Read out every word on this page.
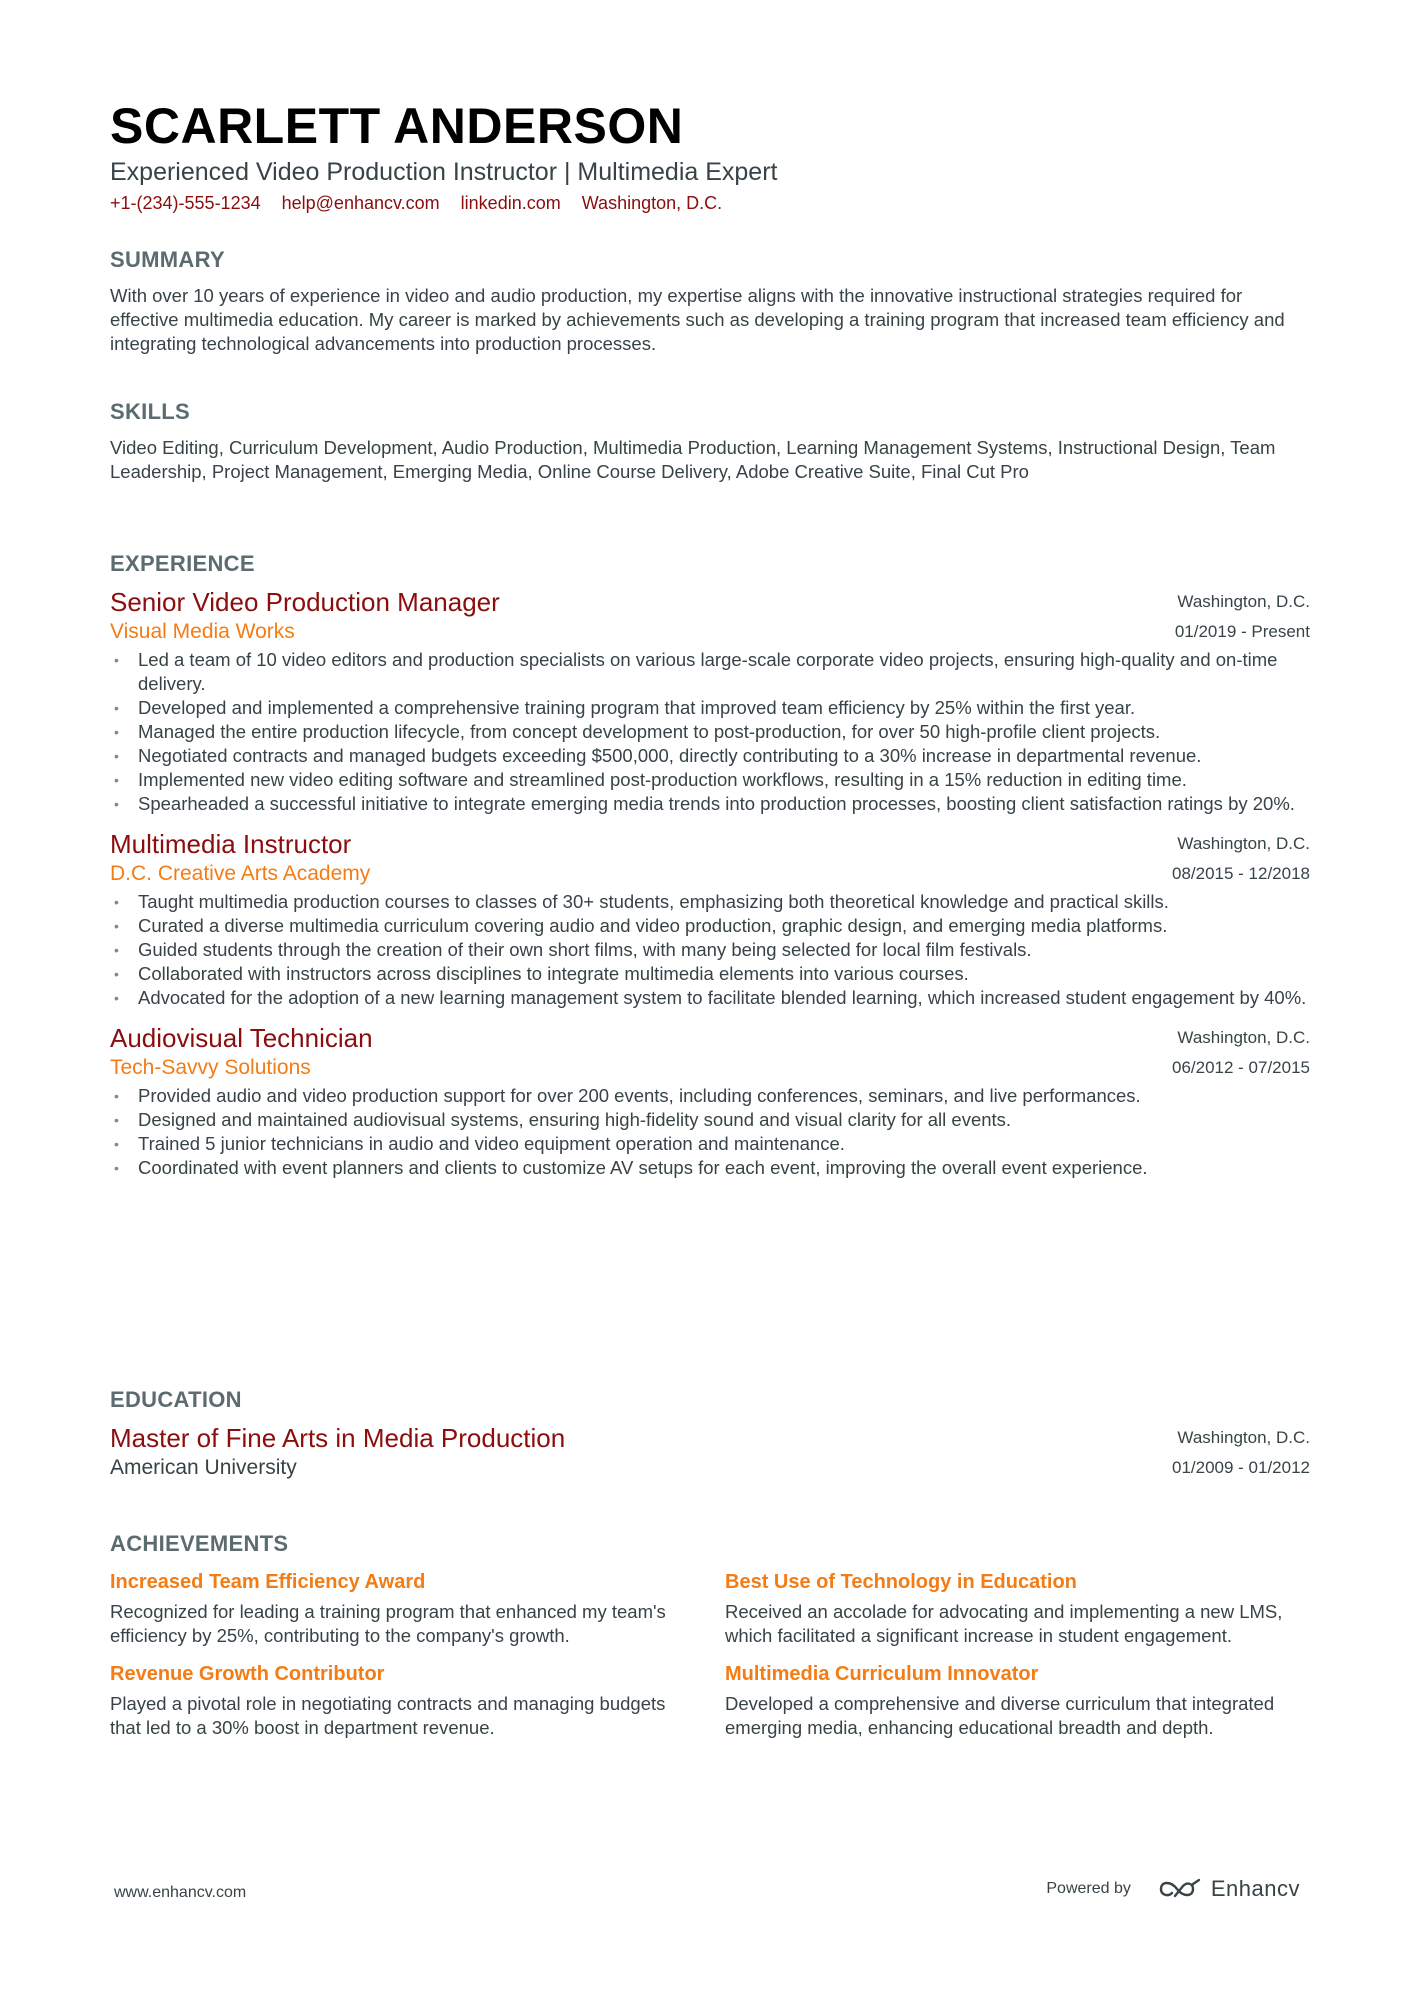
SCARLETT ANDERSON
Experienced Video Production Instructor | Multimedia Expert
+1-(234)-555-1234 help@enhancv.com linkedin.com Washington, D.C.
SUMMARY
With over 10 years of experience in video and audio production, my expertise aligns with the innovative instructional strategies required for effective multimedia education. My career is marked by achievements such as developing a training program that increased team efficiency and integrating technological advancements into production processes.
SKILLS
Video Editing, Curriculum Development, Audio Production, Multimedia Production, Learning Management Systems, Instructional Design, Team Leadership, Project Management, Emerging Media, Online Course Delivery, Adobe Creative Suite, Final Cut Pro
EXPERIENCE
Senior Video Production Manager
Visual Media Works
Washington, D.C.
01/2019 - Present
• Led a team of 10 video editors and production specialists on various large-scale corporate video projects, ensuring high-quality and on-time delivery.
• Developed and implemented a comprehensive training program that improved team efficiency by 25% within the first year.
• Managed the entire production lifecycle, from concept development to post-production, for over 50 high-profile client projects.
• Negotiated contracts and managed budgets exceeding $500,000, directly contributing to a 30% increase in departmental revenue.
• Implemented new video editing software and streamlined post-production workflows, resulting in a 15% reduction in editing time.
• Spearheaded a successful initiative to integrate emerging media trends into production processes, boosting client satisfaction ratings by 20%.
Multimedia Instructor
D.C. Creative Arts Academy
Washington, D.C.
08/2015 - 12/2018
• Taught multimedia production courses to classes of 30+ students, emphasizing both theoretical knowledge and practical skills.
• Curated a diverse multimedia curriculum covering audio and video production, graphic design, and emerging media platforms.
• Guided students through the creation of their own short films, with many being selected for local film festivals.
• Collaborated with instructors across disciplines to integrate multimedia elements into various courses.
• Advocated for the adoption of a new learning management system to facilitate blended learning, which increased student engagement by 40%.
Audiovisual Technician
Tech-Savvy Solutions
Washington, D.C.
06/2012 - 07/2015
• Provided audio and video production support for over 200 events, including conferences, seminars, and live performances.
• Designed and maintained audiovisual systems, ensuring high-fidelity sound and visual clarity for all events.
• Trained 5 junior technicians in audio and video equipment operation and maintenance.
• Coordinated with event planners and clients to customize AV setups for each event, improving the overall event experience.
EDUCATION
Master of Fine Arts in Media Production
American University
Washington, D.C.
01/2009 - 01/2012
ACHIEVEMENTS
Increased Team Efficiency Award
Recognized for leading a training program that enhanced my team's efficiency by 25%, contributing to the company's growth.
Best Use of Technology in Education
Received an accolade for advocating and implementing a new LMS, which facilitated a significant increase in student engagement.
Revenue Growth Contributor
Played a pivotal role in negotiating contracts and managing budgets that led to a 30% boost in department revenue.
Multimedia Curriculum Innovator
Developed a comprehensive and diverse curriculum that integrated emerging media, enhancing educational breadth and depth.
www.enhancv.com	Powered by	Enhancv
